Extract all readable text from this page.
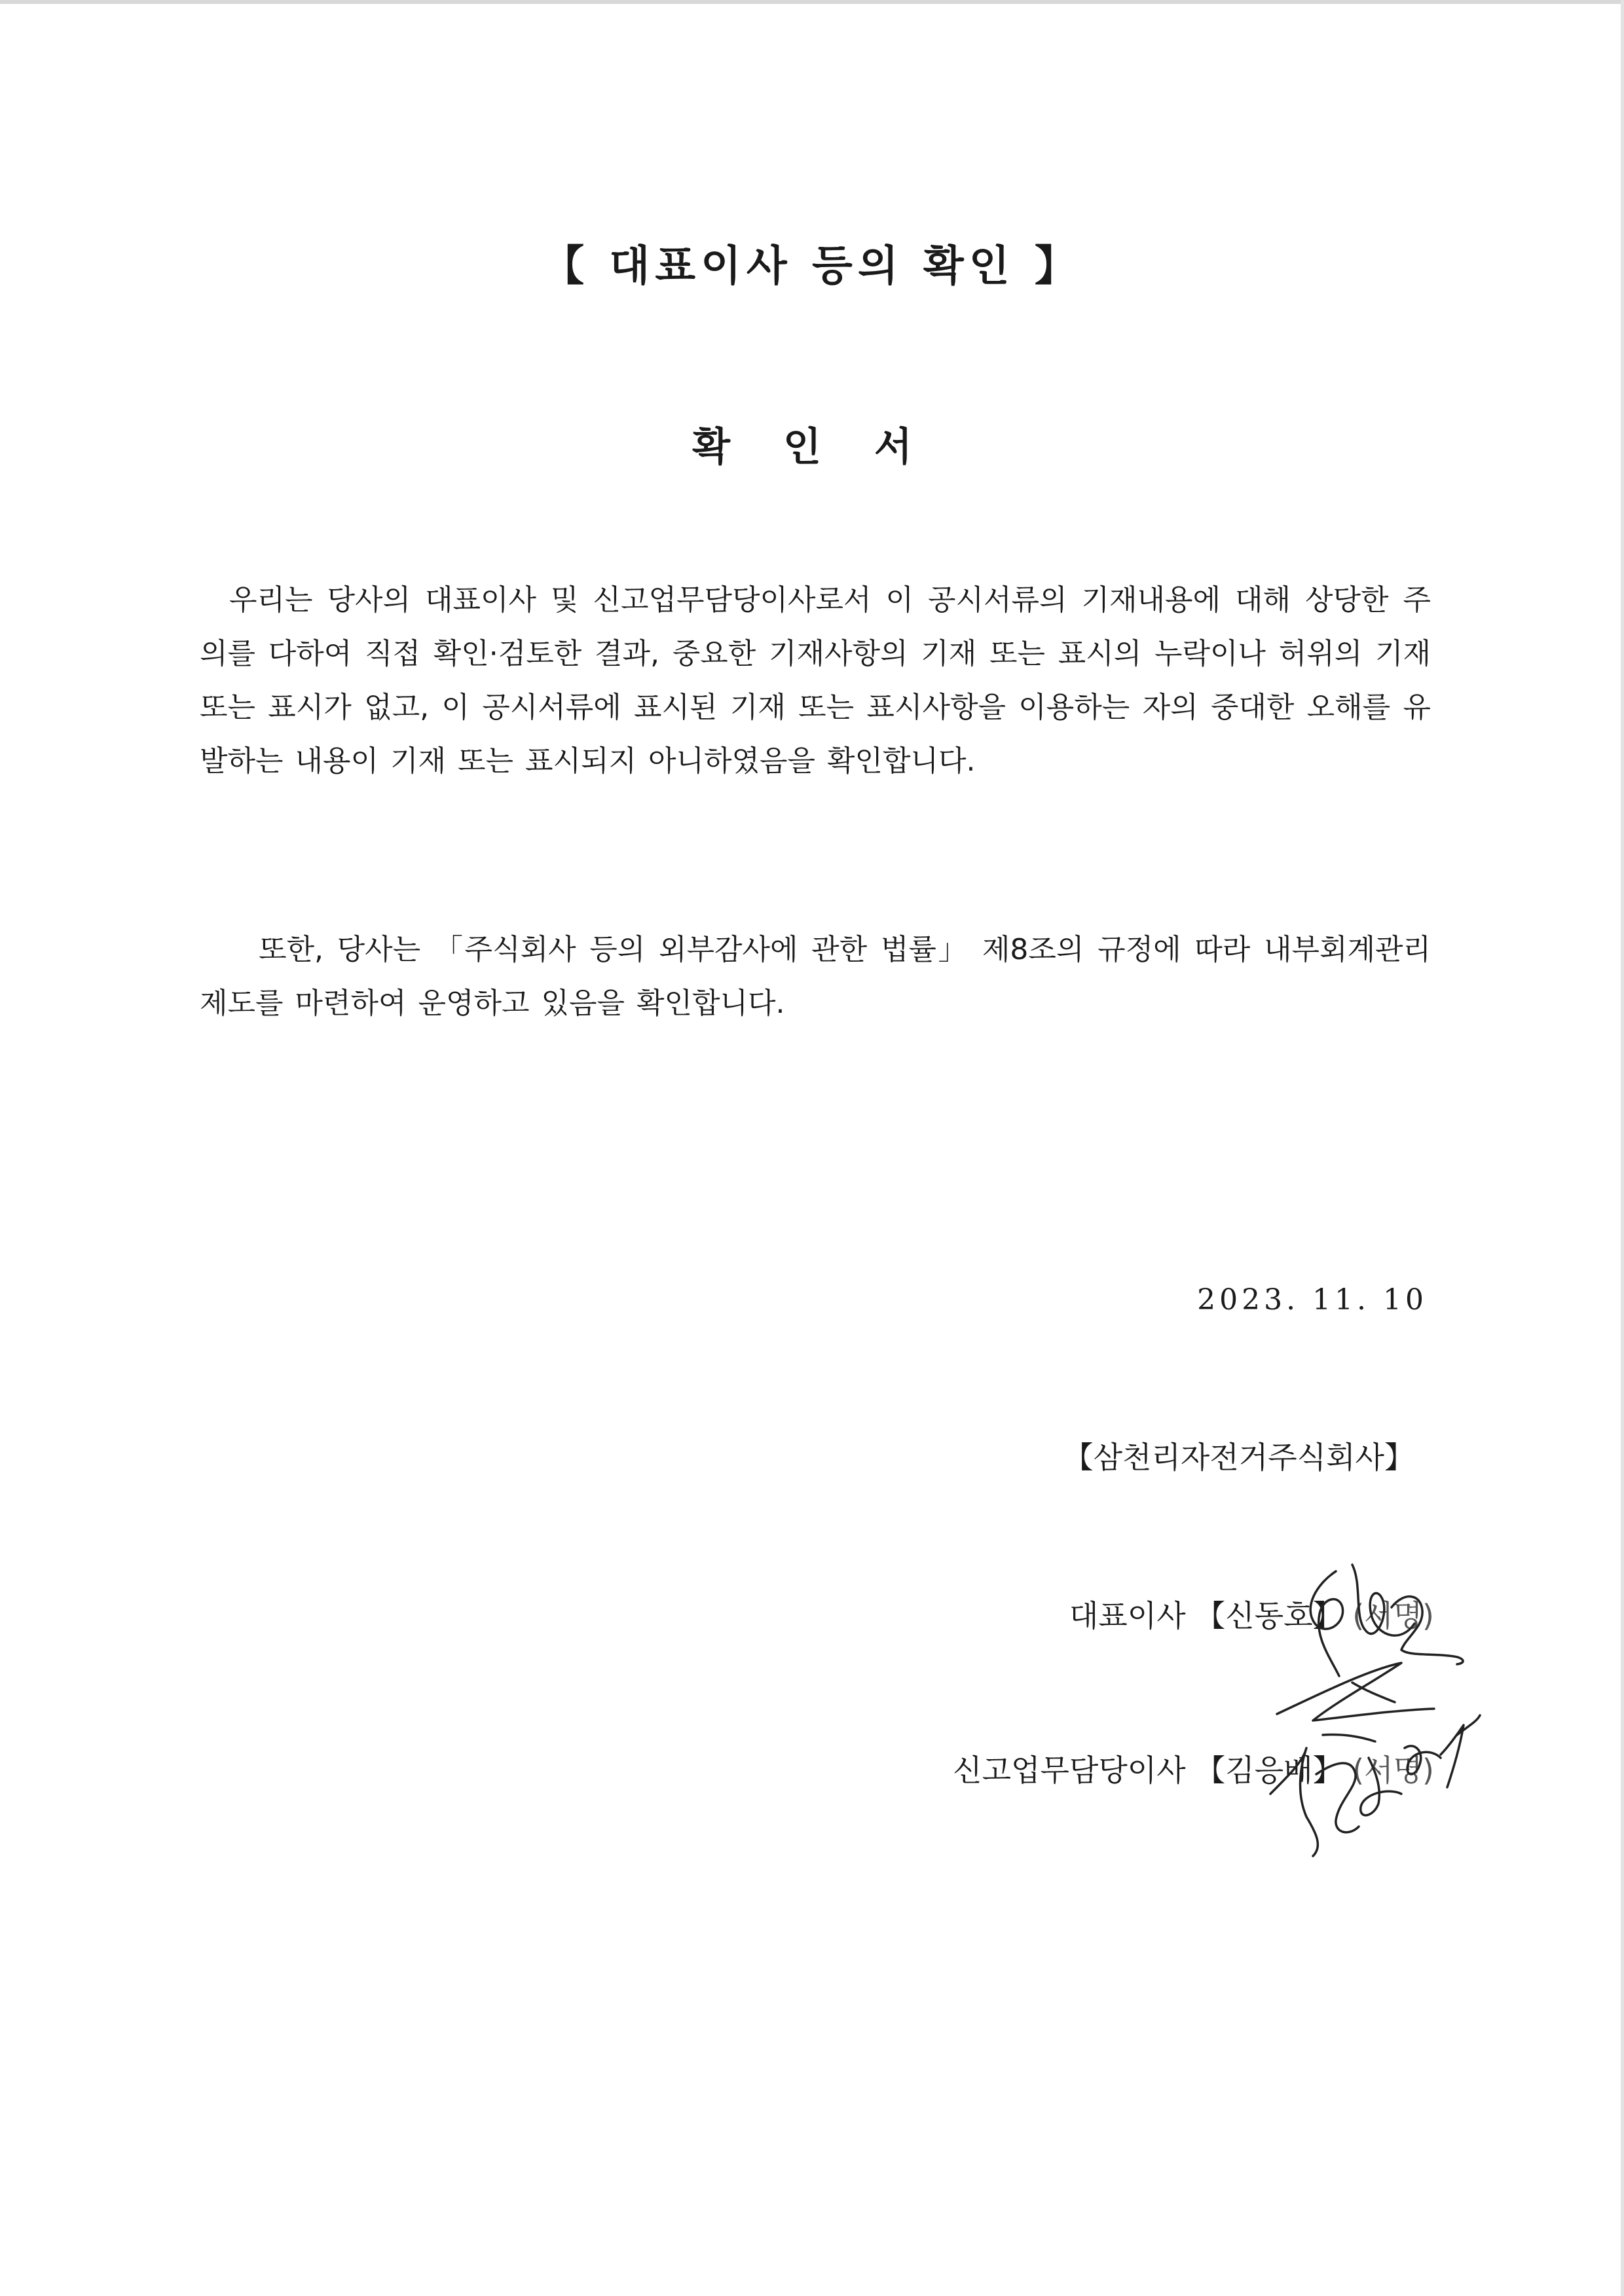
【 대표이사 등의 확인 】
확 인 서
우리는 당사의 대표이사 및 신고업무담당이사로서 이 공시서류의 기재내용에 대해 상당한 주의를 다하여 직접 확인·검토한 결과, 중요한 기재사항의 기재 또는 표시의 누락이나 허위의 기재 또는 표시가 없고, 이 공시서류에 표시된 기재 또는 표시사항을 이용하는 자의 중대한 오해를 유발하는 내용이 기재 또는 표시되지 아니하였음을 확인합니다.
또한, 당사는 「주식회사 등의 외부감사에 관한 법률」 제8조의 규정에 따라 내부회계관리제도를 마련하여 운영하고 있음을 확인합니다.
2023. 11. 10
【삼천리자전거주식회사】
대표이사 【신동호】 (서명)
신고업무담당이사 【김응배】 (서명)
